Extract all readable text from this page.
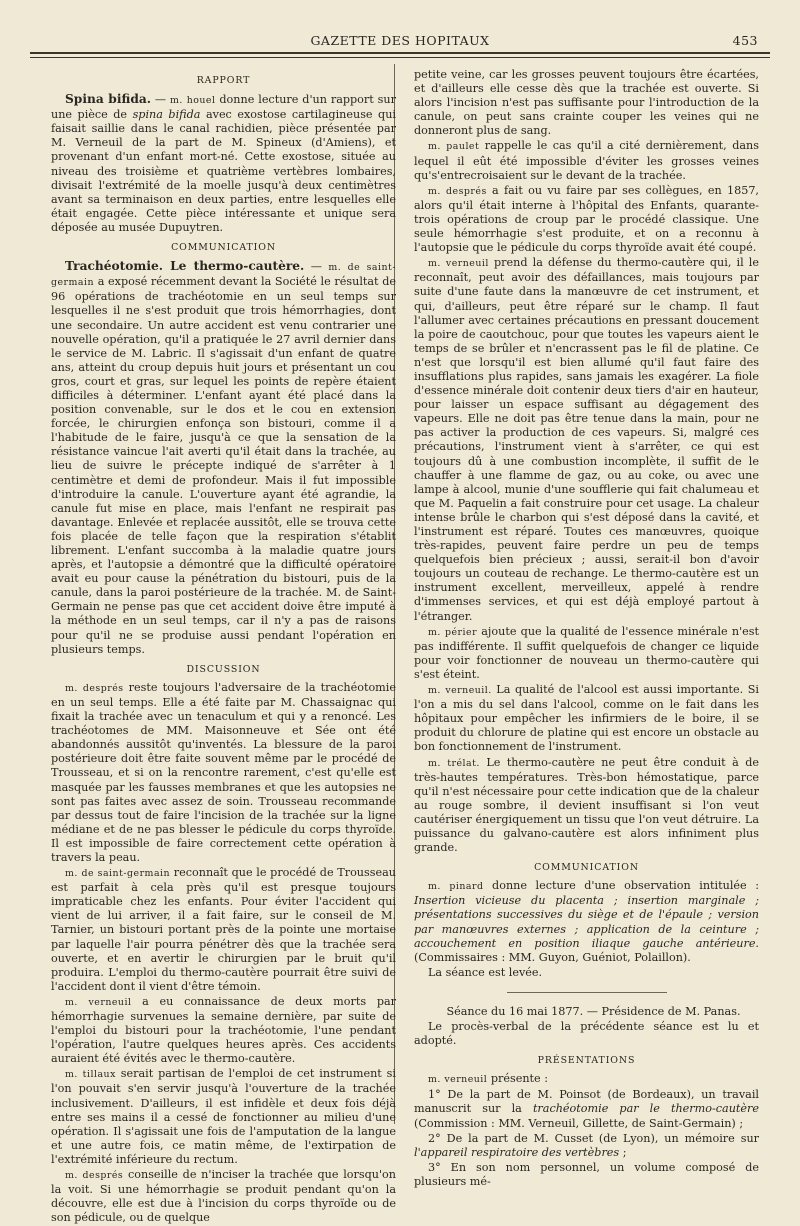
GAZETTE DES HOPITAUX	453
RAPPORT

Spina bifida. — m. houel donne lecture d'un rapport sur une pièce de spina bifida avec exostose cartilagineuse qui faisait saillie dans le canal rachidien, pièce présentée par M. Verneuil de la part de M. Spineux (d'Amiens), et provenant d'un enfant mort-né. Cette exostose, située au niveau des troisième et quatrième vertèbres lombaires, divisait l'extrémité de la moelle jusqu'à deux centimètres avant sa terminaison en deux parties, entre lesquelles elle était engagée. Cette pièce intéressante et unique sera déposée au musée Dupuytren.

COMMUNICATION

Trachéotomie. Le thermo-cautère. — m. de saint-germain a exposé récemment devant la Société le résultat de 96 opérations de trachéotomie en un seul temps sur lesquelles il ne s'est produit que trois hémorrhagies, dont une secondaire. Un autre accident est venu contrarier une nouvelle opération, qu'il a pratiquée le 27 avril dernier dans le service de M. Labric. Il s'agissait d'un enfant de quatre ans, atteint du croup depuis huit jours et présentant un cou gros, court et gras, sur lequel les points de repère étaient difficiles à déterminer. L'enfant ayant été placé dans la position convenable, sur le dos et le cou en extension forcée, le chirurgien enfonça son bistouri, comme il a l'habitude de le faire, jusqu'à ce que la sensation de la résistance vaincue l'ait averti qu'il était dans la trachée, au lieu de suivre le précepte indiqué de s'arrêter à 1 centimètre et demi de profondeur. Mais il fut impossible d'introduire la canule. L'ouverture ayant été agrandie, la canule fut mise en place, mais l'enfant ne respirait pas davantage. Enlevée et replacée aussitôt, elle se trouva cette fois placée de telle façon que la respiration s'établit librement. L'enfant succomba à la maladie quatre jours après, et l'autopsie a démontré que la difficulté opératoire avait eu pour cause la pénétration du bistouri, puis de la canule, dans la paroi postérieure de la trachée. M. de Saint-Germain ne pense pas que cet accident doive être imputé à la méthode en un seul temps, car il n'y a pas de raisons pour qu'il ne se produise aussi pendant l'opération en plusieurs temps.

DISCUSSION

m. després reste toujours l'adversaire de la trachéotomie en un seul temps. Elle a été faite par M. Chassaignac qui fixait la trachée avec un tenaculum et qui y a renoncé. Les trachéotomes de MM. Maisonneuve et Sée ont été abandonnés aussitôt qu'inventés. La blessure de la paroi postérieure doit être faite souvent même par le procédé de Trousseau, et si on la rencontre rarement, c'est qu'elle est masquée par les fausses membranes et que les autopsies ne sont pas faites avec assez de soin. Trousseau recommande par dessus tout de faire l'incision de la trachée sur la ligne médiane et de ne pas blesser le pédicule du corps thyroïde. Il est impossible de faire correctement cette opération à travers la peau.

m. de saint-germain reconnaît que le procédé de Trousseau est parfait à cela près qu'il est presque toujours impraticable chez les enfants. Pour éviter l'accident qui vient de lui arriver, il a fait faire, sur le conseil de M. Tarnier, un bistouri portant près de la pointe une mortaise par laquelle l'air pourra pénétrer dès que la trachée sera ouverte, et en avertir le chirurgien par le bruit qu'il produira. L'emploi du thermo-cautère pourrait être suivi de l'accident dont il vient d'être témoin.

m. verneuil a eu connaissance de deux morts par hémorrhagie survenues la semaine dernière, par suite de l'emploi du bistouri pour la trachéotomie, l'une pendant l'opération, l'autre quelques heures après. Ces accidents auraient été évités avec le thermo-cautère.

m. tillaux serait partisan de l'emploi de cet instrument si l'on pouvait s'en servir jusqu'à l'ouverture de la trachée inclusivement. D'ailleurs, il est infidèle et deux fois déjà entre ses mains il a cessé de fonctionner au milieu d'une opération. Il s'agissait une fois de l'amputation de la langue et une autre fois, ce matin même, de l'extirpation de l'extrémité inférieure du rectum.

m. després conseille de n'inciser la trachée que lorsqu'on la voit. Si une hémorrhagie se produit pendant qu'on la découvre, elle est due à l'incision du corps thyroïde ou de son pédicule, ou de quelque

petite veine, car les grosses peuvent toujours être écartées, et d'ailleurs elle cesse dès que la trachée est ouverte. Si alors l'incision n'est pas suffisante pour l'introduction de la canule, on peut sans crainte couper les veines qui ne donneront plus de sang.

m. paulet rappelle le cas qu'il a cité dernièrement, dans lequel il eût été impossible d'éviter les grosses veines qu's'entrecroisaient sur le devant de la trachée.

m. després a fait ou vu faire par ses collègues, en 1857, alors qu'il était interne à l'hôpital des Enfants, quarante-trois opérations de croup par le procédé classique. Une seule hémorrhagie s'est produite, et on a reconnu à l'autopsie que le pédicule du corps thyroïde avait été coupé.

m. verneuil prend la défense du thermo-cautère qui, il le reconnaît, peut avoir des défaillances, mais toujours par suite d'une faute dans la manœuvre de cet instrument, et qui, d'ailleurs, peut être réparé sur le champ. Il faut l'allumer avec certaines précautions en pressant doucement la poire de caoutchouc, pour que toutes les vapeurs aient le temps de se brûler et n'encrassent pas le fil de platine. Ce n'est que lorsqu'il est bien allumé qu'il faut faire des insufflations plus rapides, sans jamais les exagérer. La fiole d'essence minérale doit contenir deux tiers d'air en hauteur, pour laisser un espace suffisant au dégagement des vapeurs. Elle ne doit pas être tenue dans la main, pour ne pas activer la production de ces vapeurs. Si, malgré ces précautions, l'instrument vient à s'arrêter, ce qui est toujours dû à une combustion incomplète, il suffit de le chauffer à une flamme de gaz, ou au coke, ou avec une lampe à alcool, munie d'une soufflerie qui fait chalumeau et que M. Paquelin a fait construire pour cet usage. La chaleur intense brûle le charbon qui s'est déposé dans la cavité, et l'instrument est réparé. Toutes ces manœuvres, quoique très-rapides, peuvent faire perdre un peu de temps quelquefois bien précieux ; aussi, serait-il bon d'avoir toujours un couteau de rechange. Le thermo-cautère est un instrument excellent, merveilleux, appelé à rendre d'immenses services, et qui est déjà employé partout à l'étranger.

m. périer ajoute que la qualité de l'essence minérale n'est pas indifférente. Il suffit quelquefois de changer ce liquide pour voir fonctionner de nouveau un thermo-cautère qui s'est éteint.

m. verneuil. La qualité de l'alcool est aussi importante. Si l'on a mis du sel dans l'alcool, comme on le fait dans les hôpitaux pour empêcher les infirmiers de le boire, il se produit du chlorure de platine qui est encore un obstacle au bon fonctionnement de l'instrument.

m. trélat. Le thermo-cautère ne peut être conduit à de très-hautes températures. Très-bon hémostatique, parce qu'il n'est nécessaire pour cette indication que de la chaleur au rouge sombre, il devient insuffisant si l'on veut cautériser énergiquement un tissu que l'on veut détruire. La puissance du galvano-cautère est alors infiniment plus grande.

COMMUNICATION

m. pinard donne lecture d'une observation intitulée : Insertion vicieuse du placenta ; insertion marginale ; présentations successives du siège et de l'épaule ; version par manœuvres externes ; application de la ceinture ; accouchement en position iliaque gauche antérieure. (Commissaires : MM. Guyon, Guéniot, Polaillon).

La séance est levée.

Séance du 16 mai 1877. — Présidence de M. Panas.

Le procès-verbal de la précédente séance est lu et adopté.

PRÉSENTATIONS

m. verneuil présente :

1° De la part de M. Poinsot (de Bordeaux), un travail manuscrit sur la trachéotomie par le thermo-cautère (Commission : MM. Verneuil, Gillette, de Saint-Germain) ;

2° De la part de M. Cusset (de Lyon), un mémoire sur l'appareil respiratoire des vertèbres ;

3° En son nom personnel, un volume composé de plusieurs mé-
